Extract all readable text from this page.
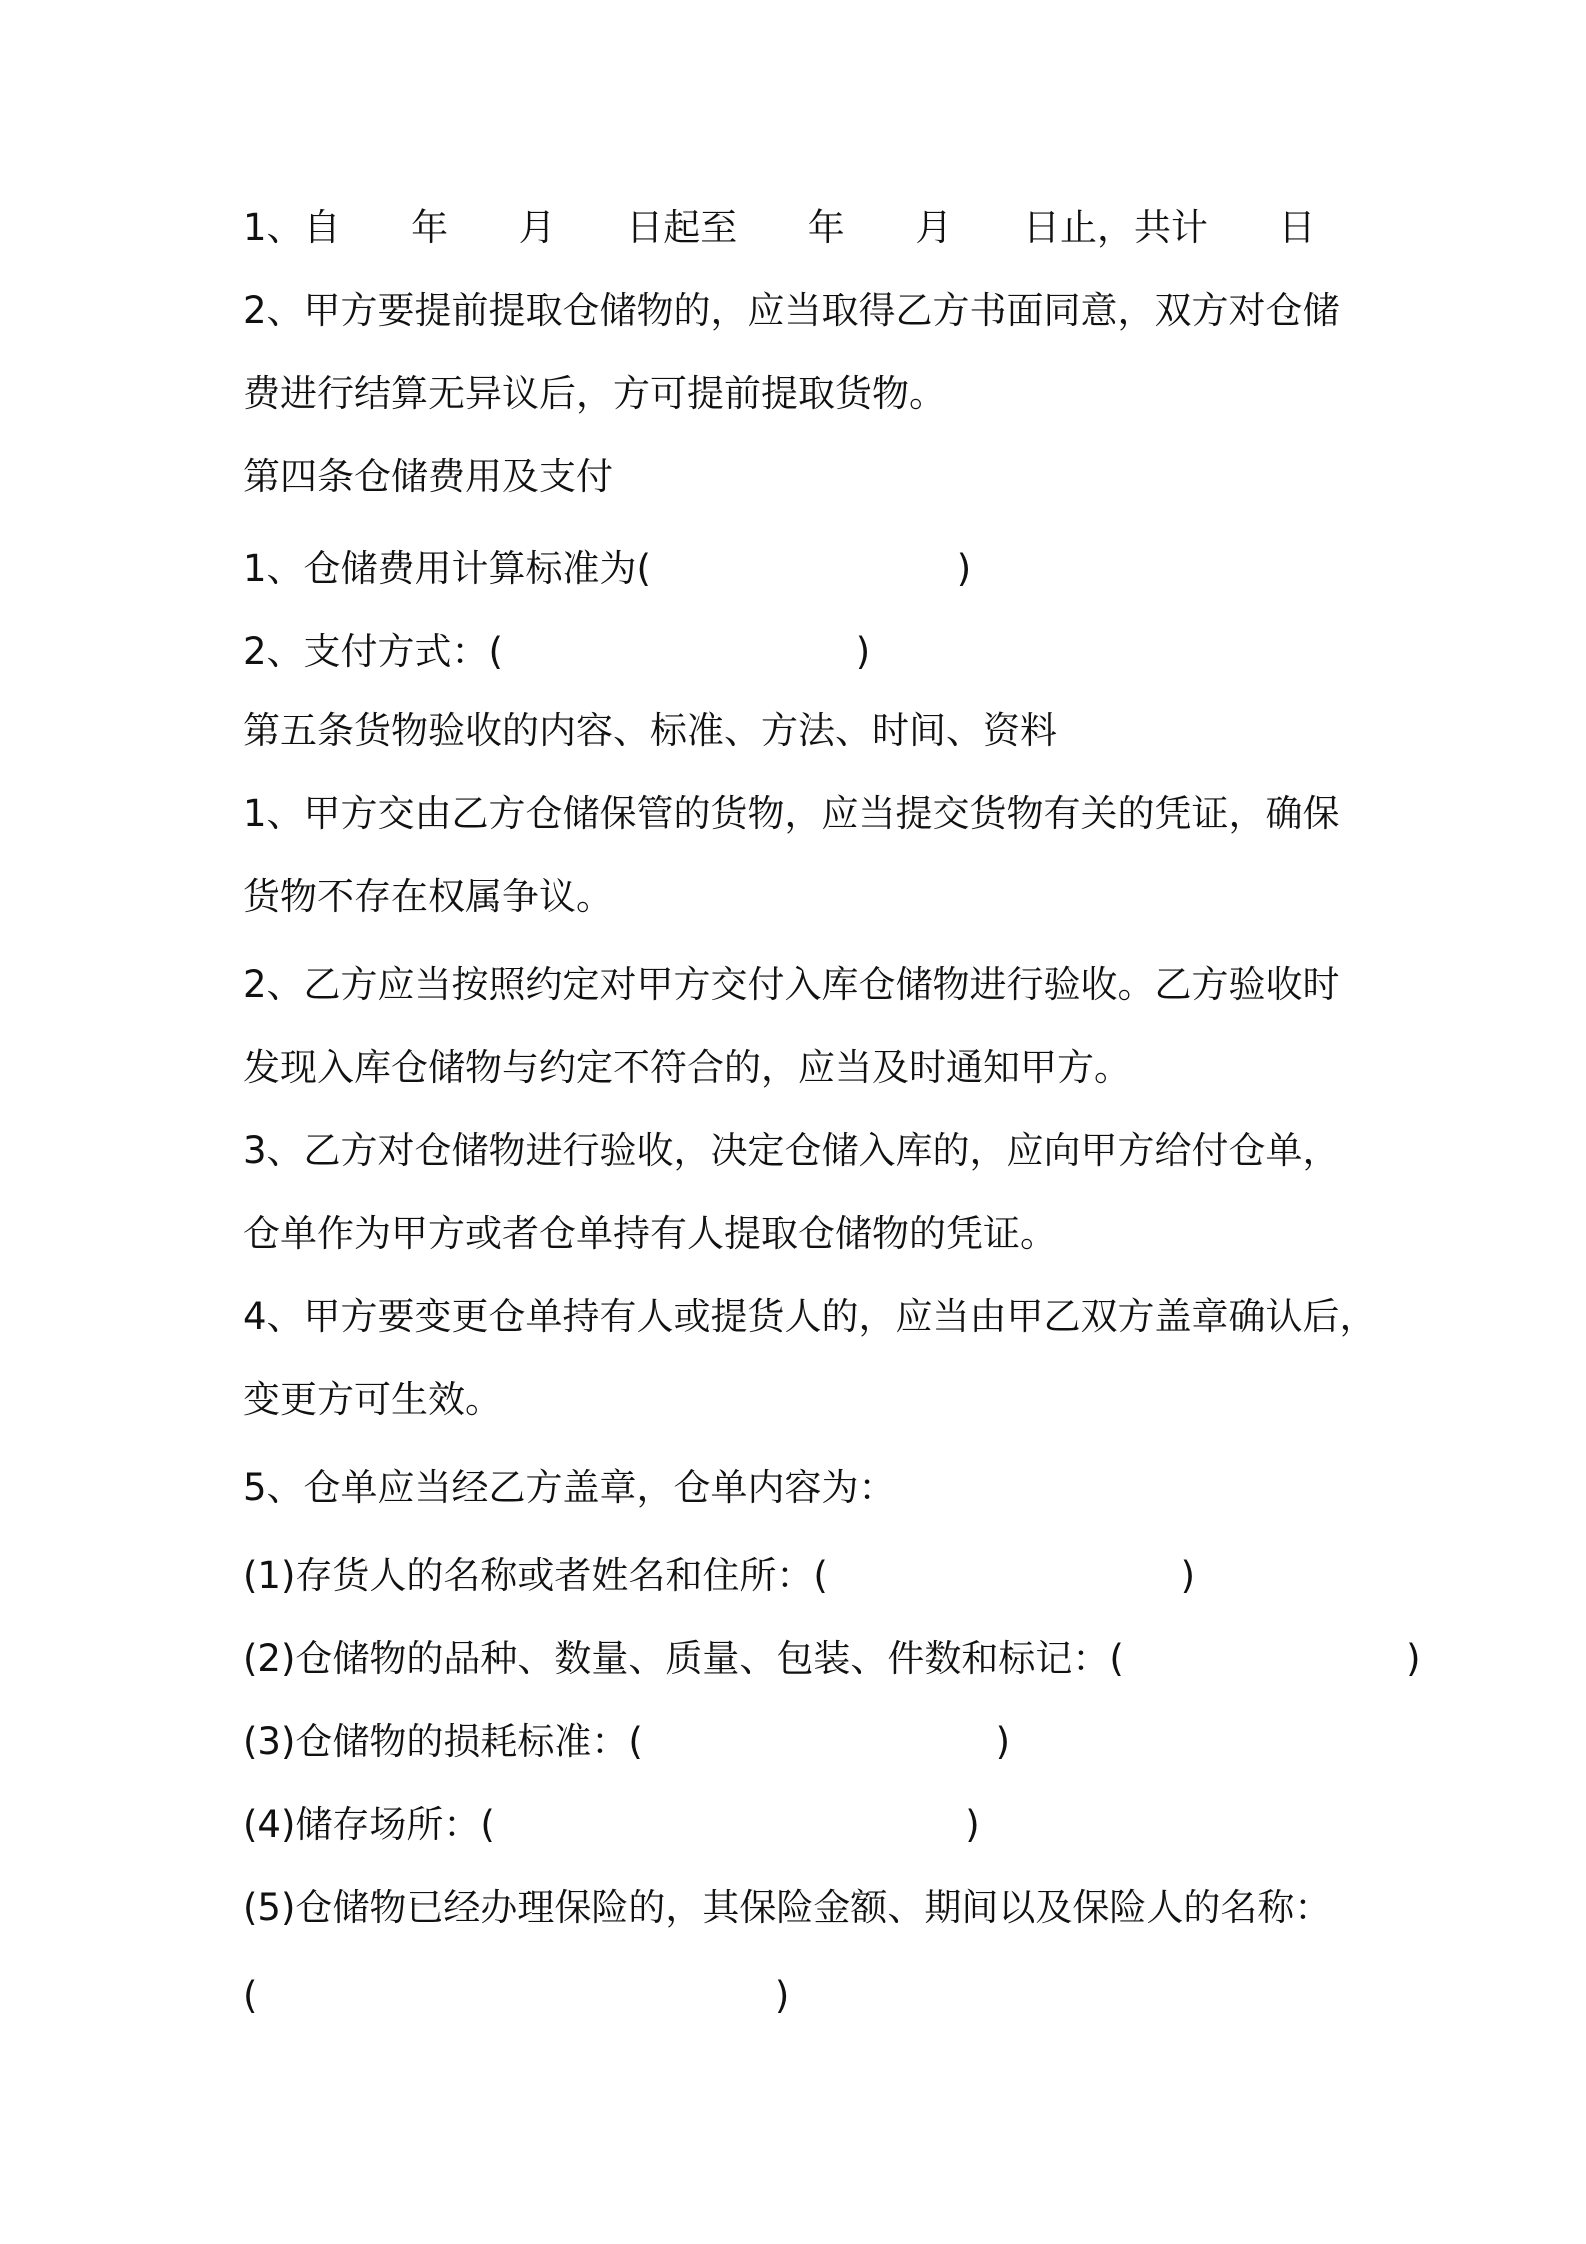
1、自      年      月      日起至      年      月      日止，共计      日
2、甲方要提前提取仓储物的，应当取得乙方书面同意，双方对仓储
费进行结算无异议后，方可提前提取货物。
第四条仓储费用及支付
1、仓储费用计算标准为(                          )
2、支付方式：(                              )
第五条货物验收的内容、标准、方法、时间、资料
1、甲方交由乙方仓储保管的货物，应当提交货物有关的凭证，确保
货物不存在权属争议。
2、乙方应当按照约定对甲方交付入库仓储物进行验收。乙方验收时
发现入库仓储物与约定不符合的，应当及时通知甲方。
3、乙方对仓储物进行验收，决定仓储入库的，应向甲方给付仓单，
仓单作为甲方或者仓单持有人提取仓储物的凭证。
4、甲方要变更仓单持有人或提货人的，应当由甲乙双方盖章确认后，
变更方可生效。
5、仓单应当经乙方盖章，仓单内容为：
(1)存货人的名称或者姓名和住所：(                              )
(2)仓储物的品种、数量、质量、包装、件数和标记：(                        )
(3)仓储物的损耗标准：(                              )
(4)储存场所：(                                        )
(5)仓储物已经办理保险的，其保险金额、期间以及保险人的名称：
(                                            )
